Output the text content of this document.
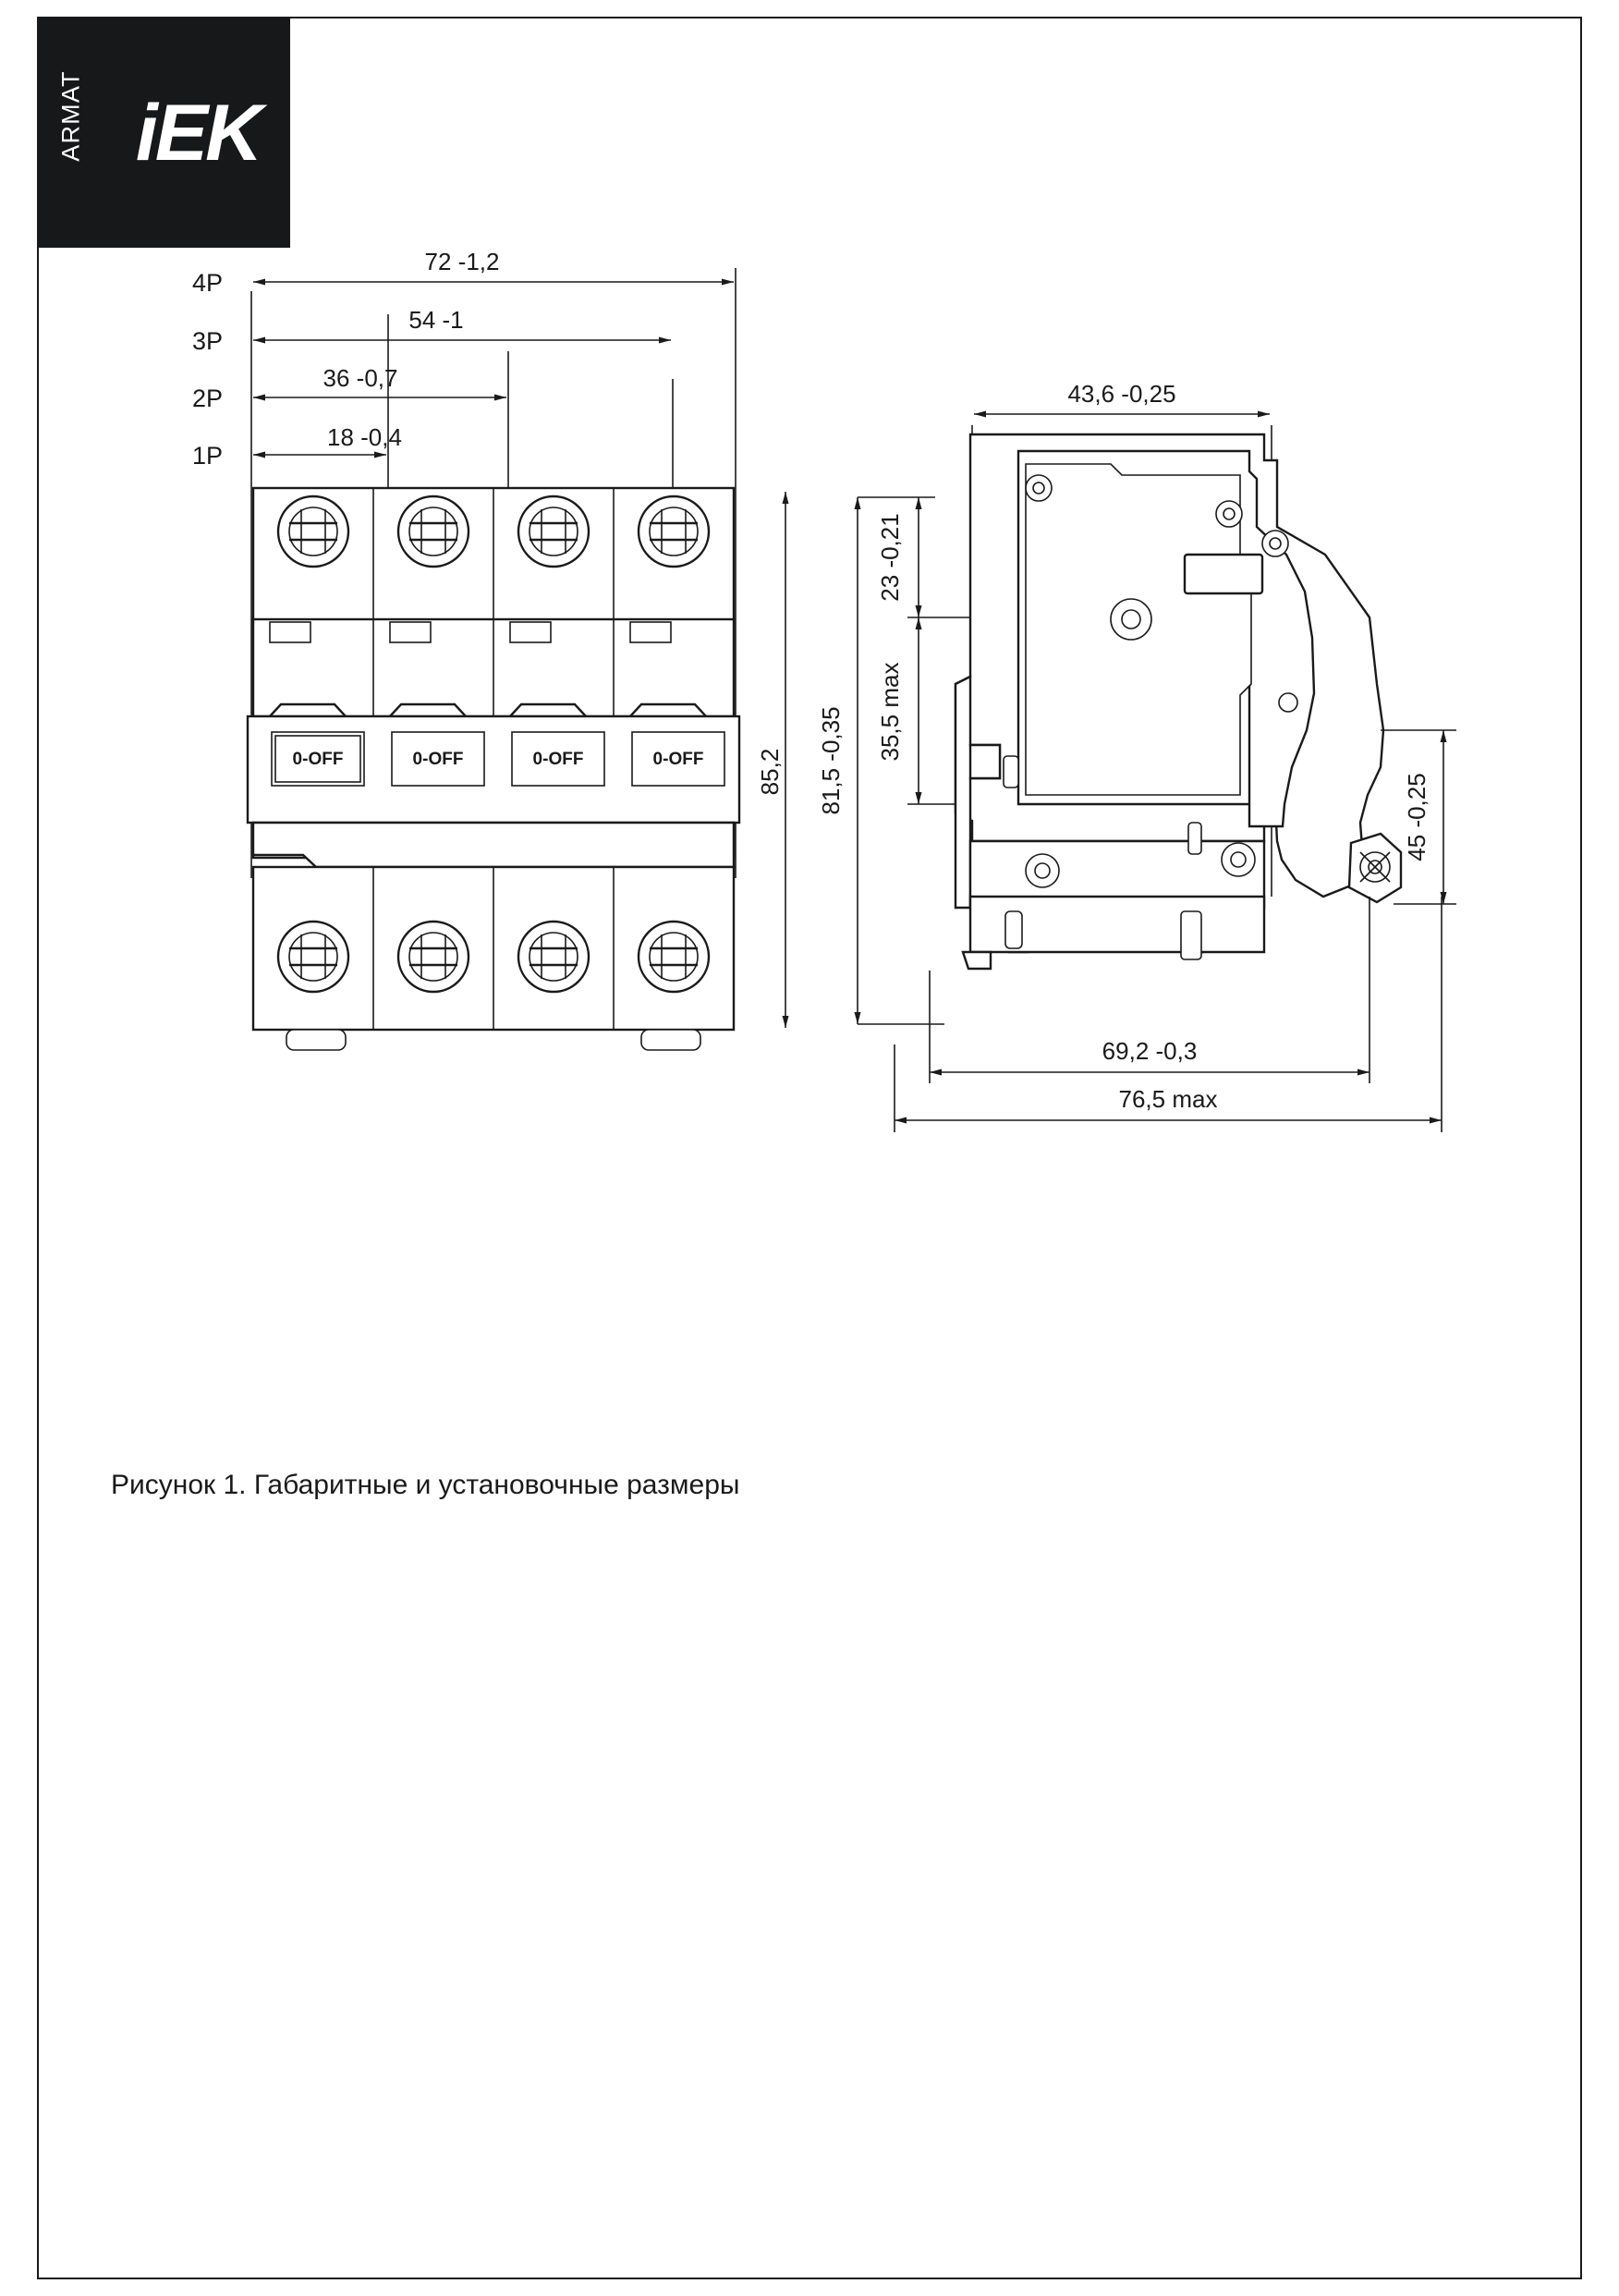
ARMAT iEK
4P
72 -1,2
3P
54 -1
2P
36 -0,7
1P
18 -0,4
0-OFF	0-OFF	0-OFF	0-OFF 85,2
43,6 -0,25
23 -0,21
81,5 -0,35 35,5 max
45 -0,25
69,2 -0,3
76,5 max
Рисунок 1. Габаритные и установочные размеры
